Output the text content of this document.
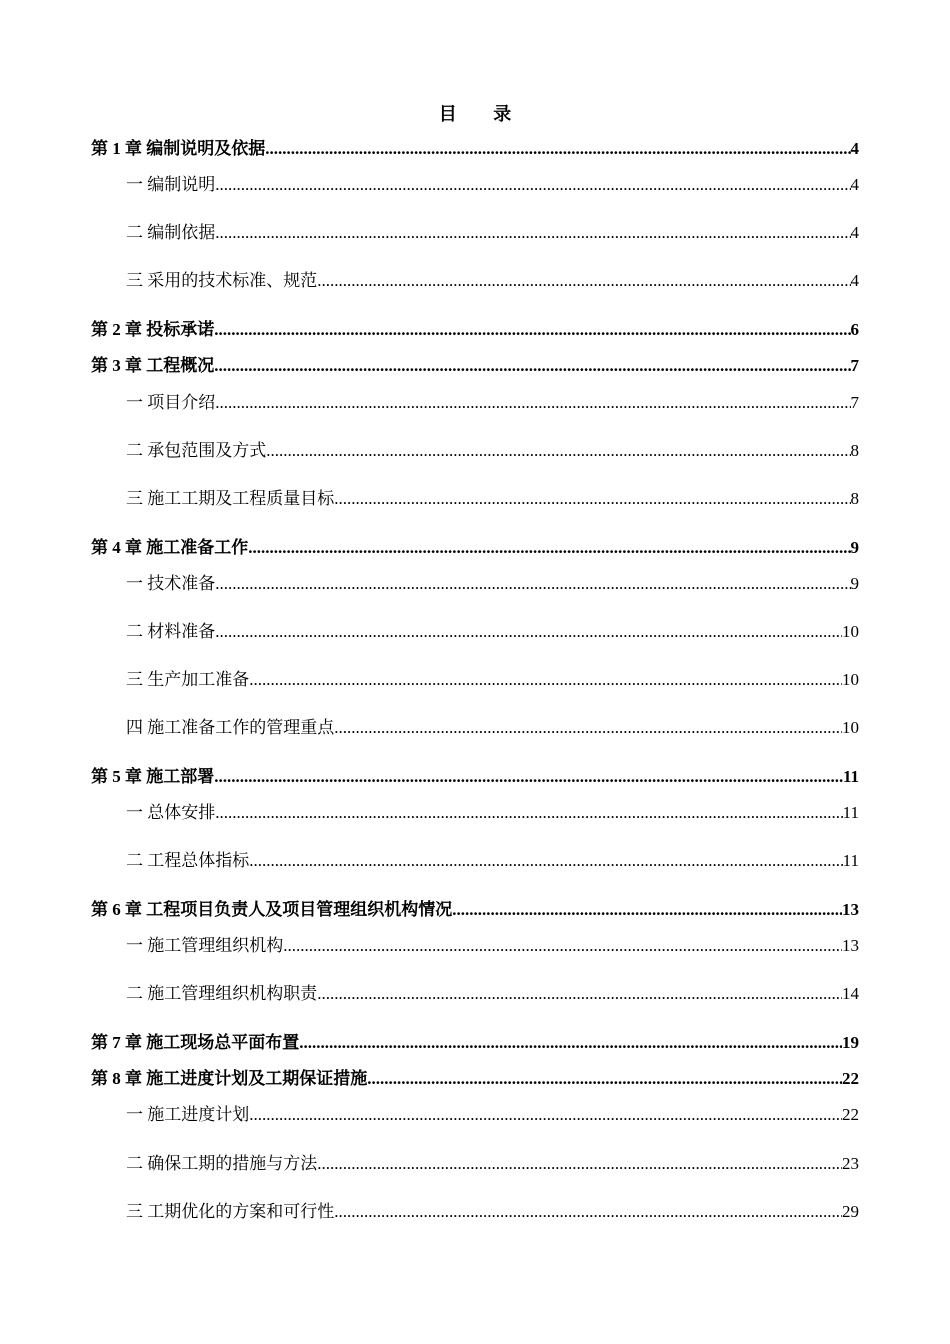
目 录
第 1 章 编制说明及依据 .....	4
一 编制说明 .....	4
二 编制依据 .....	4
三 采用的技术标准、规范 .....	4
第 2 章 投标承诺 .....	6
第 3 章 工程概况 .....	7
一 项目介绍 .....	7
二 承包范围及方式 .....	8
三 施工工期及工程质量目标 .....	8
第 4 章 施工准备工作 .....	9
一 技术准备 .....	9
二 材料准备 .....	10
三 生产加工准备 .....	10
四 施工准备工作的管理重点 .....	10
第 5 章 施工部署 .....	11
一 总体安排 .....	11
二 工程总体指标 .....	11
第 6 章 工程项目负责人及项目管理组织机构情况 .....	13
一 施工管理组织机构 .....	13
二 施工管理组织机构职责 .....	14
第 7 章 施工现场总平面布置 .....	19
第 8 章 施工进度计划及工期保证措施 .....	22
一 施工进度计划 .....	22
二 确保工期的措施与方法 .....	23
三 工期优化的方案和可行性 .....	29
